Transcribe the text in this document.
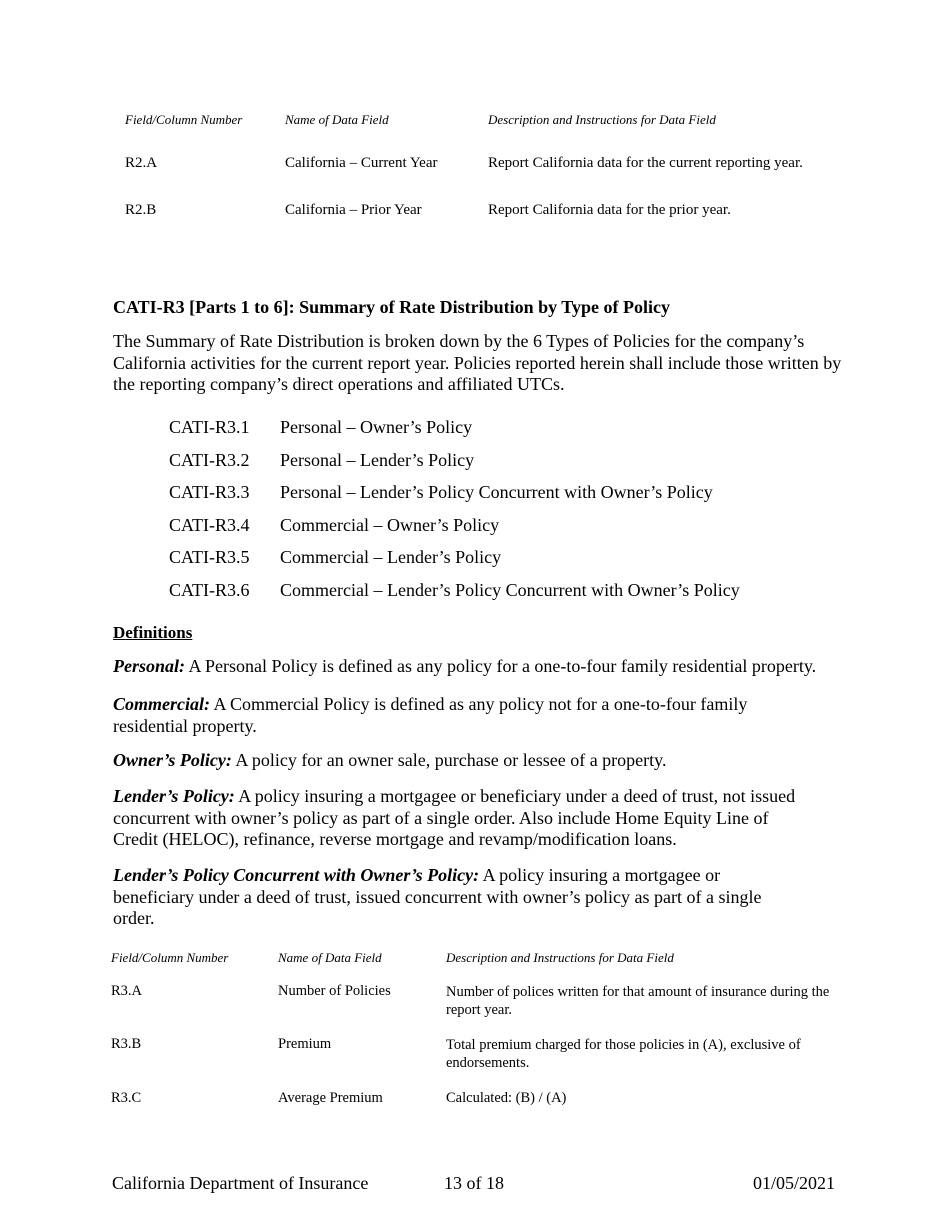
Field/Column Number	Name of Data Field	Description and Instructions for Data Field
R2.A	California – Current Year	Report California data for the current reporting year.
R2.B	California – Prior Year	Report California data for the prior year.
CATI-R3 [Parts 1 to 6]: Summary of Rate Distribution by Type of Policy
The Summary of Rate Distribution is broken down by the 6 Types of Policies for the company’s California activities for the current report year. Policies reported herein shall include those written by the reporting company’s direct operations and affiliated UTCs.
CATI-R3.1 Personal – Owner’s Policy
CATI-R3.2 Personal – Lender’s Policy
CATI-R3.3 Personal – Lender’s Policy Concurrent with Owner’s Policy
CATI-R3.4 Commercial – Owner’s Policy
CATI-R3.5 Commercial – Lender’s Policy
CATI-R3.6 Commercial – Lender’s Policy Concurrent with Owner’s Policy
Definitions
Personal: A Personal Policy is defined as any policy for a one-to-four family residential property.
Commercial: A Commercial Policy is defined as any policy not for a one-to-four family residential property.
Owner’s Policy: A policy for an owner sale, purchase or lessee of a property.
Lender’s Policy: A policy insuring a mortgagee or beneficiary under a deed of trust, not issued concurrent with owner’s policy as part of a single order. Also include Home Equity Line of Credit (HELOC), refinance, reverse mortgage and revamp/modification loans.
Lender’s Policy Concurrent with Owner’s Policy: A policy insuring a mortgagee or beneficiary under a deed of trust, issued concurrent with owner’s policy as part of a single order.
Field/Column Number	Name of Data Field	Description and Instructions for Data Field
R3.A	Number of Policies	Number of polices written for that amount of insurance during the report year.
R3.B	Premium	Total premium charged for those policies in (A), exclusive of endorsements.
R3.C	Average Premium	Calculated: (B) / (A)
California Department of Insurance	13 of 18	01/05/2021
